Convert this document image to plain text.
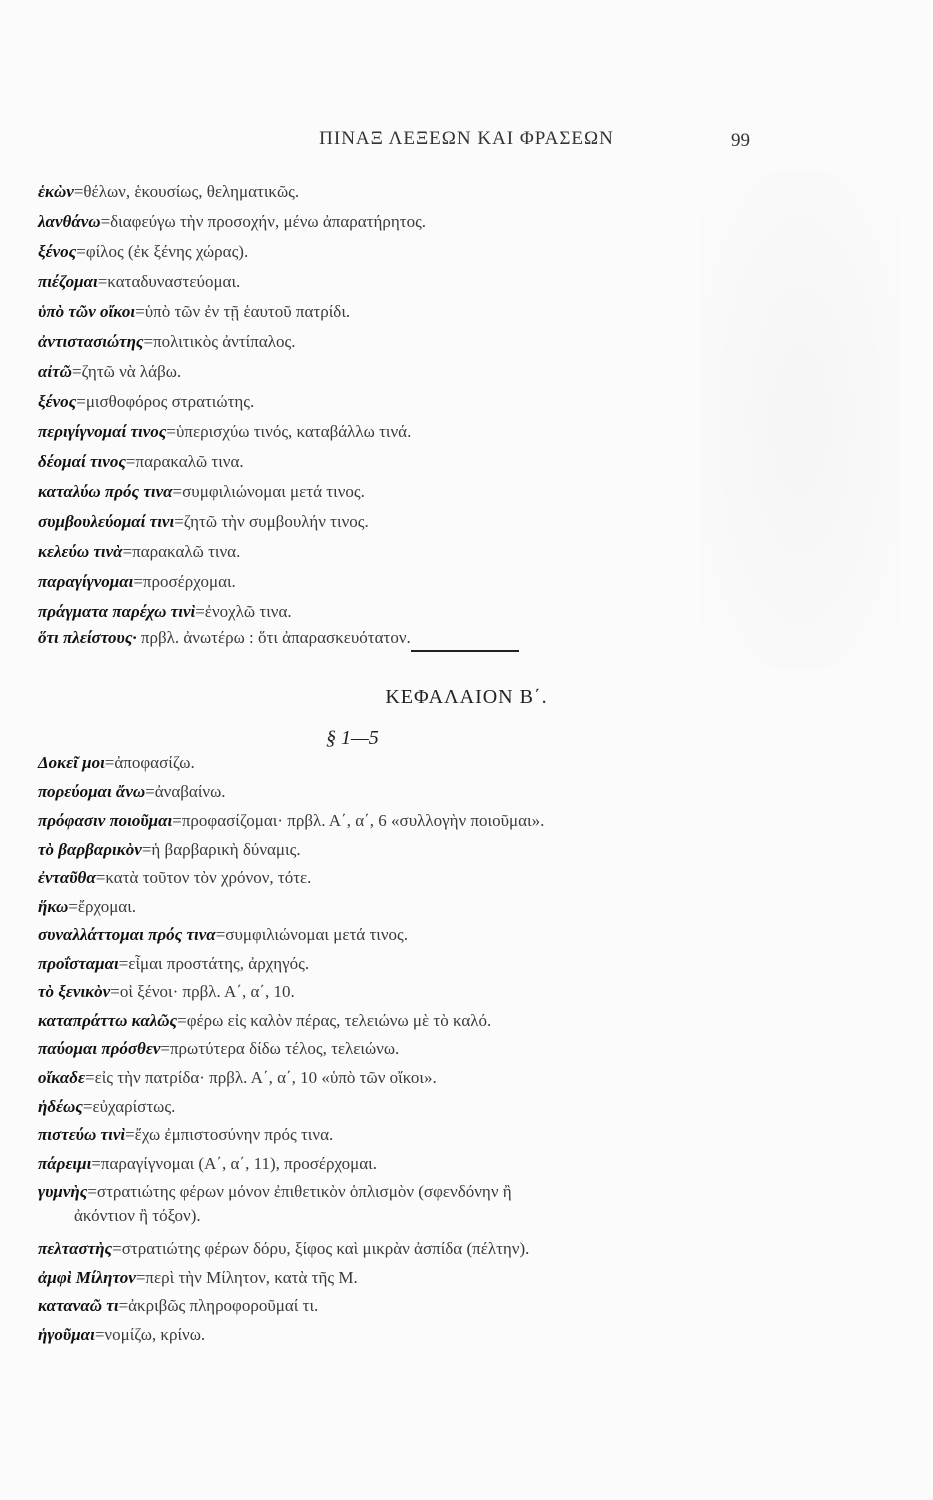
ΠΙΝΑΞ ΛΕΞΕΩΝ ΚΑΙ ΦΡΑΣΕΩΝ	99
ἑκὼν=θέλων, ἑκουσίως, θεληματικῶς.
λανθάνω=διαφεύγω τὴν προσοχήν, μένω ἀπαρατήρητος.
ξένος=φίλος (ἐκ ξένης χώρας).
πιέζομαι=καταδυναστεύομαι.
ὑπὸ τῶν οἴκοι=ὑπὸ τῶν ἐν τῇ ἑαυτοῦ πατρίδι.
ἀντιστασιώτης=πολιτικὸς ἀντίπαλος.
αἰτῶ=ζητῶ νὰ λάβω.
ξένος=μισθοφόρος στρατιώτης.
περιγίγνομαί τινος=ὑπερισχύω τινός, καταβάλλω τινά.
δέομαί τινος=παρακαλῶ τινα.
καταλύω πρός τινα=συμφιλιώνομαι μετά τινος.
συμβουλεύομαί τινι=ζητῶ τὴν συμβουλήν τινος.
κελεύω τινὰ=παρακαλῶ τινα.
παραγίγνομαι=προσέρχομαι.
πράγματα παρέχω τινὶ=ἐνοχλῶ τινα.
ὅτι πλείστους· πρβλ. ἀνωτέρω : ὅτι ἀπαρασκευότατον.
ΚΕΦΑΛΑΙΟΝ Β΄.
§ 1—5
Δοκεῖ μοι=ἀποφασίζω.
πορεύομαι ἄνω=ἀναβαίνω.
πρόφασιν ποιοῦμαι=προφασίζομαι· πρβλ. Α΄, α΄, 6 «συλλογὴν ποιοῦμαι».
τὸ βαρβαρικὸν=ἡ βαρβαρικὴ δύναμις.
ἐνταῦθα=κατὰ τοῦτον τὸν χρόνον, τότε.
ἥκω=ἔρχομαι.
συναλλάττομαι πρός τινα=συμφιλιώνομαι μετά τινος.
προΐσταμαι=εἶμαι προστάτης, ἀρχηγός.
τὸ ξενικὸν=οἱ ξένοι· πρβλ. Α΄, α΄, 10.
καταπράττω καλῶς=φέρω εἰς καλὸν πέρας, τελειώνω μὲ τὸ καλό.
παύομαι πρόσθεν=πρωτύτερα δίδω τέλος, τελειώνω.
οἴκαδε=εἰς τὴν πατρίδα· πρβλ. Α΄, α΄, 10 «ὑπὸ τῶν οἴκοι».
ἡδέως=εὐχαρίστως.
πιστεύω τινὶ=ἔχω ἐμπιστοσύνην πρός τινα.
πάρειμι=παραγίγνομαι (Α΄, α΄, 11), προσέρχομαι.
γυμνὴς=στρατιώτης φέρων μόνον ἐπιθετικὸν ὁπλισμὸν (σφενδόνην ἢ
ἀκόντιον ἢ τόξον).
πελταστὴς=στρατιώτης φέρων δόρυ, ξίφος καὶ μικρὰν ἀσπίδα (πέλτην).
ἀμφὶ Μίλητον=περὶ τὴν Μίλητον, κατὰ τῆς Μ.
καταναῶ τι=ἀκριβῶς πληροφοροῦμαί τι.
ἡγοῦμαι=νομίζω, κρίνω.
